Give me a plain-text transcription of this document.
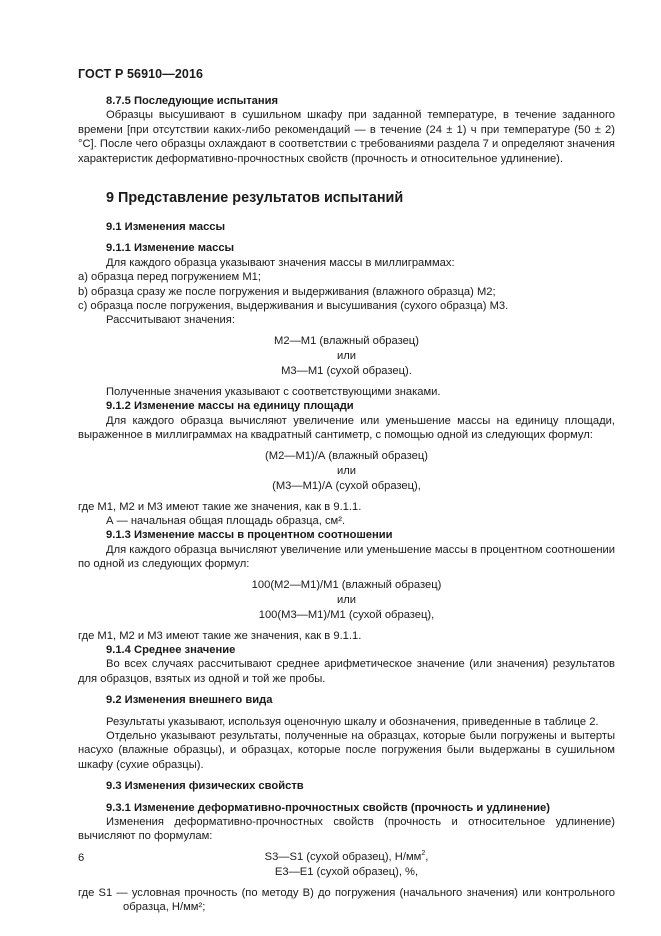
ГОСТ Р 56910—2016

8.7.5 Последующие испытания

Образцы высушивают в сушильном шкафу при заданной температуре, в течение заданного времени [при отсутствии каких-либо рекомендаций — в течение (24 ± 1) ч при температуре (50 ± 2) °С]. После чего образцы охлаждают в соответствии с требованиями раздела 7 и определяют значения характеристик деформативно-прочностных свойств (прочность и относительное удлинение).

9 Представление результатов испытаний

9.1 Изменения массы

9.1.1 Изменение массы

Для каждого образца указывают значения массы в миллиграммах:

a) образца перед погружением М1;

b) образца сразу же после погружения и выдерживания (влажного образца) М2;

c) образца после погружения, выдерживания и высушивания (сухого образца) М3.

Рассчитывают значения:

М2—М1 (влажный образец)

или

М3—М1 (сухой образец).

Полученные значения указывают с соответствующими знаками.

9.1.2 Изменение массы на единицу площади

Для каждого образца вычисляют увеличение или уменьшение массы на единицу площади, выраженное в миллиграммах на квадратный сантиметр, с помощью одной из следующих формул:

(М2—М1)/А (влажный образец)

или

(М3—М1)/А (сухой образец),

где М1, М2 и М3 имеют такие же значения, как в 9.1.1.

А — начальная общая площадь образца, см².

9.1.3 Изменение массы в процентном соотношении

Для каждого образца вычисляют увеличение или уменьшение массы в процентном соотношении по одной из следующих формул:

100(М2—М1)/М1 (влажный образец)

или

100(М3—М1)/М1 (сухой образец),

где М1, М2 и М3 имеют такие же значения, как в 9.1.1.

9.1.4 Среднее значение

Во всех случаях рассчитывают среднее арифметическое значение (или значения) результатов для образцов, взятых из одной и той же пробы.

9.2 Изменения внешнего вида

Результаты указывают, используя оценочную шкалу и обозначения, приведенные в таблице 2.

Отдельно указывают результаты, полученные на образцах, которые были погружены и вытерты насухо (влажные образцы), и образцах, которые после погружения были выдержаны в сушильном шкафу (сухие образцы).

9.3 Изменения физических свойств

9.3.1 Изменение деформативно-прочностных свойств (прочность и удлинение)

Изменения деформативно-прочностных свойств (прочность и относительное удлинение) вычисляют по формулам:

S3—S1 (сухой образец), $Н/мм^2$,

Е3—Е1 (сухой образец), %,

где S1 — условная прочность (по методу В) до погружения (начального значения) или контрольного образца, Н/мм²;

6
